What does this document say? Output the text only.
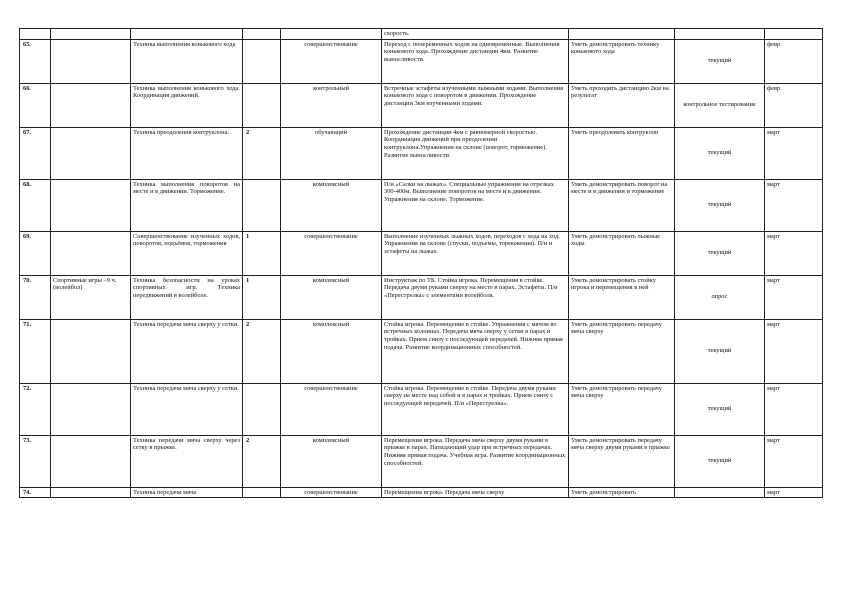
					скорость.			
65.		Техника выполнения конькового хода		совершенствование	Переход с попеременных ходов на одновременные. Выполнения конькового хода. Прохождение дистанции 4км. Развитие выносливости.	Уметь демонстрировать технику конькового хода	текущий	февр.
66.		Техника выполнения конькового хода. Координация движений.		контрольный	Встречные эстафеты изученными лыжными ходами. Выполнения конькового хода с поворотом в движении. Прохождение дистанции 3км изученными ходами.	Уметь проходить дистанцию 2км на результат	контрольное тестирование	февр.
67.		Техника преодоления контруклона.	2	обучающий	Прохождение дистанции 4км с равномерной скоростью. Координация движений при преодолении контруклона.Упражнения на склоне (поворот, торможение). Развитие выносливости.	Уметь преодолевать контруклон	текущий	март
68.		Техника выполнения поворотов на месте и в движении. Торможение.		комплексный	П/и «Салки на лыжах». Специальные упражнения на отрезках 300-400м. Выполнение поворотов на месте и в движении. Упражнения на склоне. Торможение.	Уметь демонстрировать поворот на месте и в движении и торможение	текущий	март
69.		Совершенствование изученных ходов, поворотов, подъёмов, торможения	1	совершенствование	Выполнение изученных лыжных ходов, переходов с хода на ход. Упражнения на склоне (спуски, подъемы, торможения). П/и и эстафеты на лыжах.	Уметь демонстрировать лыжные ходы	текущий	март
70.	Спортивные игры –9 ч. (волейбол)	Техника безопасности на уроках спортивных игр. Техника передвижений в волейболе.	1	комплексный	Инструктаж по ТБ. Стойка игрока. Перемещения в стойке. Передача двумя руками сверху на месте в парах. Эстафеты. П/и «Перестрелка» с элементами волейбола.	Уметь демонстрировать стойку игрока и перемещения в ней	опрос	март
71.		Техника передачи мяча сверху у сетки.	2	комплексный	Стойка игрока. Перемещение в стойке. Упражнения с мячом во встречных колоннах. Передача мяча сверху у сетки в парах и тройках. Прием снизу с последующей передачей. Нижняя прямая подача. Развитие координационных способностей.	Уметь демонстрировать передачу мяча сверху	текущий	март
72.		Техника передачи мяча сверху у сетки.		совершенствование	Стойка игрока. Перемещение в стойке. Передача двумя руками сверху на месте над собой и в парах и тройках. Прием снизу с последующей передачей. П/и «Перестрелка».	Уметь демонстрировать передачу мяча сверху	текущий	март
73.		Техника передачи мяча сверху через сетку в прыжке.	2	комплексный	Перемещения игрока. Передача мяча сверху двумя руками в прыжке в парах. Нападающий удар при встречных передачах. Нижняя прямая подача. Учебная игра. Развитие координационных способностей.	Уметь демонстрировать передачу мяча сверху двумя руками в прыжке	текущий	март
74.		Техника передачи мяча		совершенствование	Перемещения игрока. Передача мяча сверху	Уметь демонстрировать		март
